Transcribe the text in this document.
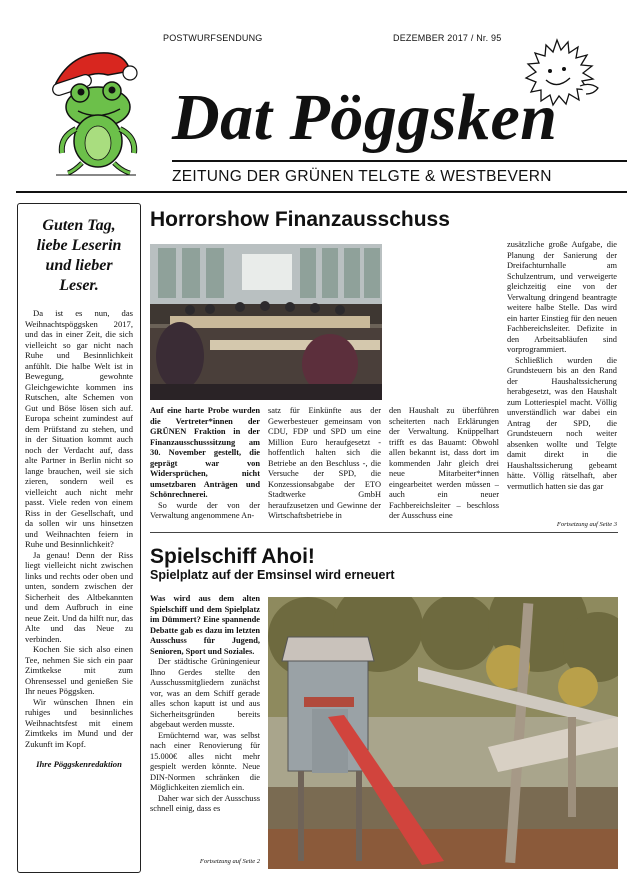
POSTWURFSENDUNG	DEZEMBER 2017 / Nr. 95
Dat Pöggsken
ZEITUNG DER GRÜNEN TELGTE & WESTBEVERN
Guten Tag, liebe Leserin und lieber Leser.

Da ist es nun, das Weihnachtspöggsken 2017, und das in einer Zeit, die sich vielleicht so gar nicht nach Ruhe und Besinnlichkeit anfühlt. Die halbe Welt ist in Bewegung, gewohnte Gleichgewichte kommen ins Rutschen, alte Schemen von Gut und Böse lösen sich auf. Europa scheint zumindest auf dem Prüfstand zu stehen, und in der Situation kommt auch noch der Verdacht auf, dass alte Partner in Berlin nicht so lange brauchen, weil sie sich zieren, sondern weil es vielleicht auch nicht mehr passt. Viele reden von einem Riss in der Gesellschaft, und da sollen wir uns hinsetzen und Weihnachten feiern in Ruhe und Besinnlichkeit?

Ja genau! Denn der Riss liegt vielleicht nicht zwischen links und rechts oder oben und unten, sondern zwischen der Sicherheit des Altbekannten und dem Aufbruch in eine neue Zeit. Und da hilft nur, das Alte und das Neue zu verbinden.

Kochen Sie sich also einen Tee, nehmen Sie sich ein paar Zimtkekse mit zum Ohrensessel und genießen Sie Ihr neues Pöggsken.

Wir wünschen Ihnen ein ruhiges und besinnliches Weihnachtsfest mit einem Zimtkeks im Mund und der Zukunft im Kopf.

Ihre Pöggskenredaktion
Horrorshow Finanzausschuss
Auf eine harte Probe wurden die Vertreter*innen der GRÜNEN Fraktion in der Finanzausschusssitzung am 30. November gestellt, die geprägt war von Widersprüchen, nicht umsetzbaren Anträgen und Schönrechnerei.
So wurde der von der Verwaltung angenommene An-
satz für Einkünfte aus der Gewerbesteuer gemeinsam von CDU, FDP und SPD um eine Million Euro heraufgesetzt - hoffentlich halten sich die Betriebe an den Beschluss -, die Versuche der SPD, die Konzessionsabgabe der ETO Stadtwerke GmbH heraufzusetzen und Gewinne der Wirtschaftsbetriebe in
den Haushalt zu überführen scheiterten nach Erklärungen der Verwaltung. Knüppelhart trifft es das Bauamt: Obwohl allen bekannt ist, dass dort im kommenden Jahr gleich drei neue Mitarbeiter*innen eingearbeitet werden müssen – auch ein neuer Fachbereichsleiter – beschloss der Ausschuss eine
zusätzliche große Aufgabe, die Planung der Sanierung der Dreifachturnhalle am Schulzentrum, und verweigerte gleichzeitig eine von der Verwaltung dringend beantragte weitere halbe Stelle. Das wird ein harter Einstieg für den neuen Fachbereichsleiter. Defizite in den Arbeitsabläufen sind vorprogrammiert.
Schließlich wurden die Grundsteuern bis an den Rand der Haushaltssicherung herabgesetzt, was den Haushalt zum Lotteriespiel macht. Völlig unverständlich war dabei ein Antrag der SPD, die Grundsteuern noch weiter absenken wollte und Telgte damit direkt in die Haushaltssicherung gebeamt hätte. Völlig rätselhaft, aber vermutlich hatten sie das gar
Fortsetzung auf Seite 3
Spielschiff Ahoi!
Spielplatz auf der Emsinsel wird erneuert
Was wird aus dem alten Spielschiff und dem Spielplatz im Dümmert? Eine spannende Debatte gab es dazu im letzten Ausschuss für Jugend, Senioren, Sport und Soziales.
Der städtische Grüningenieur Ihno Gerdes stellte den Ausschussmitgliedern zunächst vor, was an dem Schiff gerade alles schon kaputt ist und aus Sicherheitsgründen bereits abgebaut werden musste.
Ernüchternd war, was selbst nach einer Renovierung für 15.000€ alles nicht mehr gespielt werden könnte. Neue DIN-Normen schränken die Möglichkeiten ziemlich ein.
Daher war sich der Ausschuss schnell einig, dass es
Fortsetzung auf Seite 2
